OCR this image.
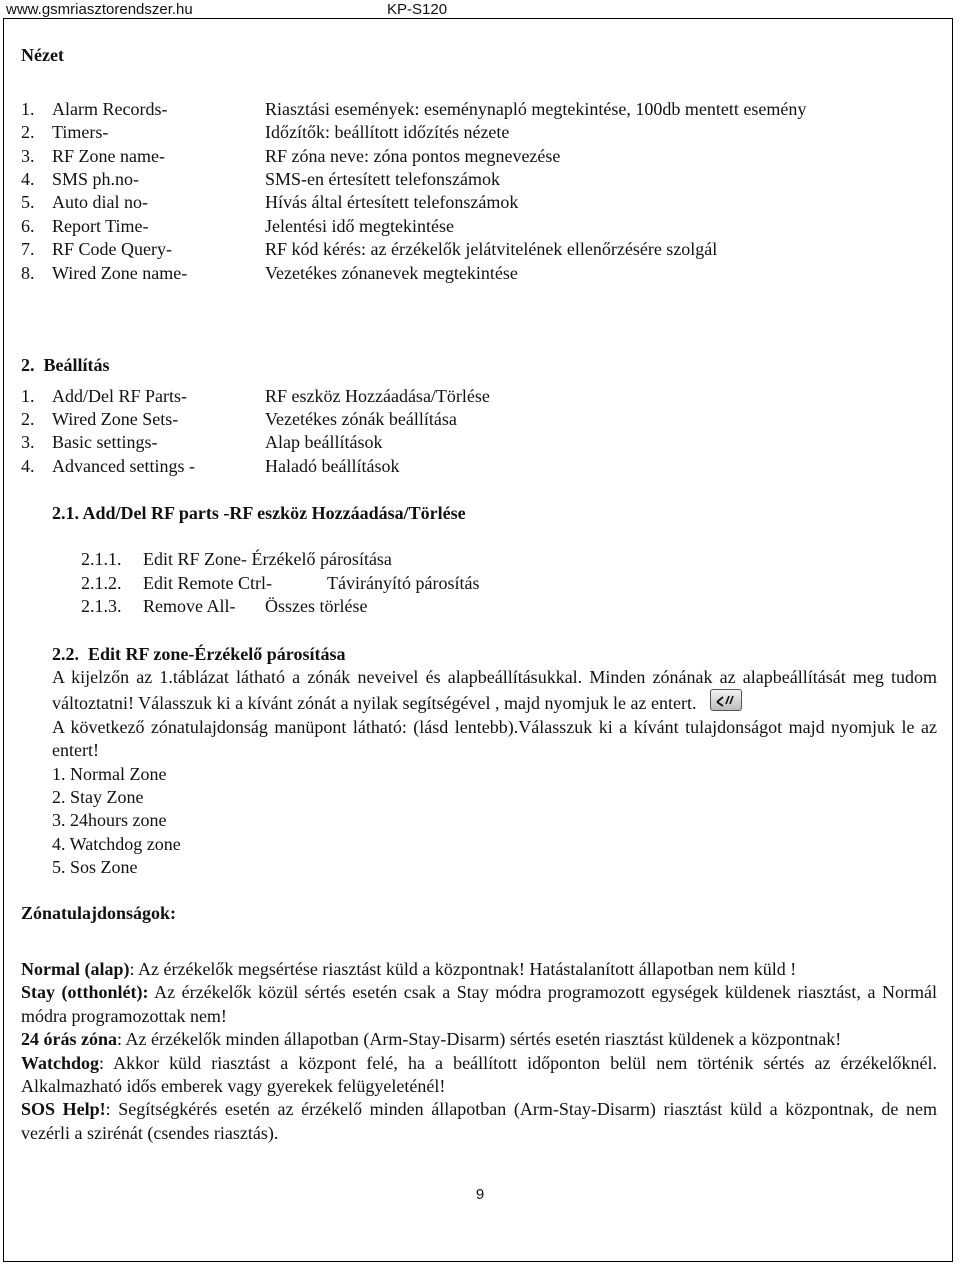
www.gsmriasztorendszer.hu	KP-S120
Nézet
1. Alarm Records-	Riasztási események: eseménynapló megtekintése, 100db mentett esemény
2. Timers-	Időzítők: beállított időzítés nézete
3. RF Zone name-	RF zóna neve: zóna pontos megnevezése
4. SMS ph.no-	SMS-en értesített telefonszámok
5. Auto dial no-	Hívás által értesített telefonszámok
6. Report Time-	Jelentési idő megtekintése
7. RF Code Query-	RF kód kérés: az érzékelők jelátvitelének ellenőrzésére szolgál
8. Wired Zone name-	Vezetékes zónanevek megtekintése
2.  Beállítás
1. Add/Del RF Parts-	RF eszköz Hozzáadása/Törlése
2. Wired Zone Sets-	Vezetékes zónák beállítása
3. Basic settings-	Alap beállítások
4. Advanced settings -	Haladó beállítások
2.1. Add/Del RF parts -RF eszköz Hozzáadása/Törlése
2.1.1. Edit RF Zone- Érzékelő párosítása
2.1.2. Edit Remote Ctrl-	Távirányító párosítás
2.1.3. Remove All- Összes törlése
2.2.  Edit RF zone-Érzékelő párosítása

A kijelzőn az 1.táblázat látható a zónák neveivel és alapbeállításukkal. Minden zónának az alapbeállítását meg tudom változtatni! Válasszuk ki a kívánt zónát a nyilak segítségével , majd nyomjuk le az entert.

A következő zónatulajdonság manüpont látható: (lásd lentebb).Válasszuk ki a kívánt tulajdonságot majd nyomjuk le az entert!

1. Normal Zone

2. Stay Zone

3. 24hours zone

4. Watchdog zone

5. Sos Zone

Zónatulajdonságok:

Normal (alap): Az érzékelők megsértése riasztást küld a központnak! Hatástalanított állapotban nem küld !

Stay (otthonlét): Az érzékelők közül sértés esetén csak a Stay módra programozott egységek küldenek riasztást, a Normál módra programozottak nem!

24 órás zóna: Az érzékelők minden állapotban (Arm-Stay-Disarm) sértés esetén riasztást küldenek a központnak!

Watchdog: Akkor küld riasztást a központ felé, ha a beállított időponton belül nem történik sértés az érzékelőknél. Alkalmazható idős emberek vagy gyerekek felügyeleténél!

SOS Help!: Segítségkérés esetén az érzékelő minden állapotban (Arm-Stay-Disarm) riasztást küld a központnak, de nem vezérli a szirénát (csendes riasztás).

9
